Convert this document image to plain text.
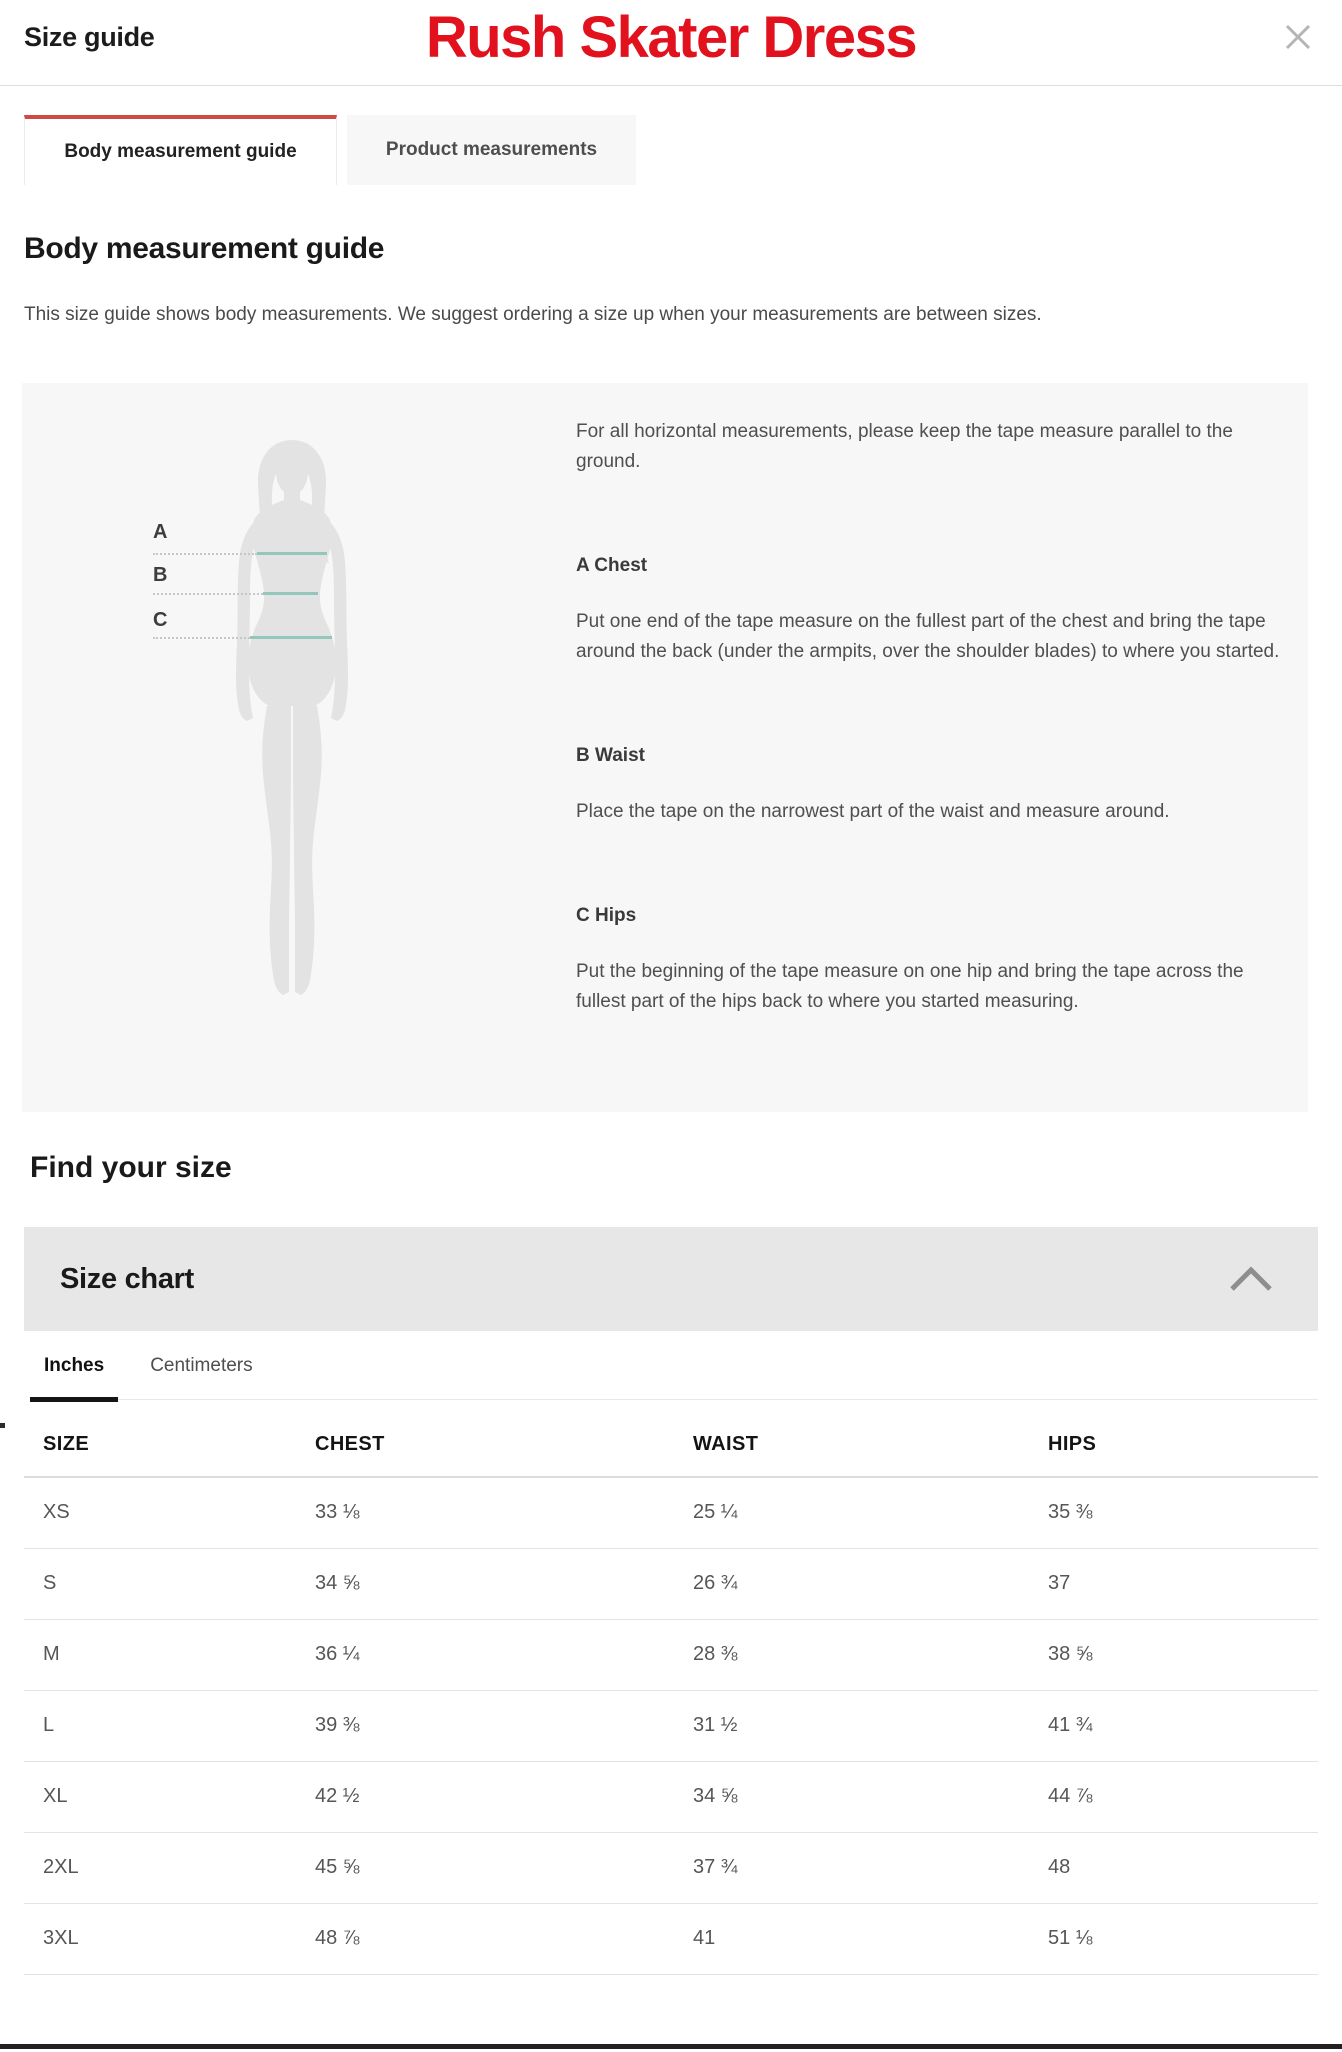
Size guide	Rush Skater Dress
Body measurement guide	Product measurements
Body measurement guide

This size guide shows body measurements. We suggest ordering a size up when your measurements are between sizes.

A
B
C

For all horizontal measurements, please keep the tape measure parallel to the ground.

A Chest

Put one end of the tape measure on the fullest part of the chest and bring the tape around the back (under the armpits, over the shoulder blades) to where you started.

B Waist

Place the tape on the narrowest part of the waist and measure around.

C Hips

Put the beginning of the tape measure on one hip and bring the tape across the fullest part of the hips back to where you started measuring.

Find your size
Size chart
Inches	Centimeters
SIZE	CHEST	WAIST	HIPS
XS	33 ⅛	25 ¼	35 ⅜
S	34 ⅝	26 ¾	37
M	36 ¼	28 ⅜	38 ⅝
L	39 ⅜	31 ½	41 ¾
XL	42 ½	34 ⅝	44 ⅞
2XL	45 ⅝	37 ¾	48
3XL	48 ⅞	41	51 ⅛
